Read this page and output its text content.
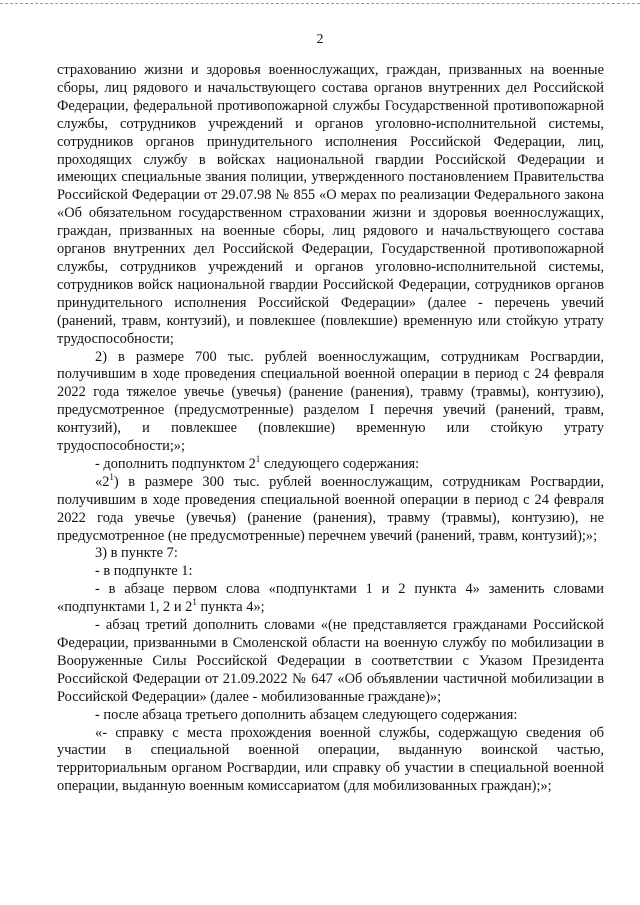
2

страхованию жизни и здоровья военнослужащих, граждан, призванных на военные сборы, лиц рядового и начальствующего состава органов внутренних дел Российской Федерации, федеральной противопожарной службы Государственной противопожарной службы, сотрудников учреждений и органов уголовно-исполнительной системы, сотрудников органов принудительного исполнения Российской Федерации, лиц, проходящих службу в войсках национальной гвардии Российской Федерации и имеющих специальные звания полиции, утвержденного постановлением Правительства Российской Федерации от 29.07.98 № 855 «О мерах по реализации Федерального закона «Об обязательном государственном страховании жизни и здоровья военнослужащих, граждан, призванных на военные сборы, лиц рядового и начальствующего состава органов внутренних дел Российской Федерации, Государственной противопожарной службы, сотрудников учреждений и органов уголовно-исполнительной системы, сотрудников войск национальной гвардии Российской Федерации, сотрудников органов принудительного исполнения Российской Федерации» (далее - перечень увечий (ранений, травм, контузий), и повлекшее (повлекшие) временную или стойкую утрату трудоспособности;

2) в размере 700 тыс. рублей военнослужащим, сотрудникам Росгвардии, получившим в ходе проведения специальной военной операции в период с 24 февраля 2022 года тяжелое увечье (увечья) (ранение (ранения), травму (травмы), контузию), предусмотренное (предусмотренные) разделом I перечня увечий (ранений, травм, контузий), и повлекшее (повлекшие) временную или стойкую утрату трудоспособности;»;

- дополнить подпунктом $2^1$ следующего содержания:

«$2^1$) в размере 300 тыс. рублей военнослужащим, сотрудникам Росгвардии, получившим в ходе проведения специальной военной операции в период с 24 февраля 2022 года увечье (увечья) (ранение (ранения), травму (травмы), контузию), не предусмотренное (не предусмотренные) перечнем увечий (ранений, травм, контузий);»;

3) в пункте 7:

- в подпункте 1:

- в абзаце первом слова «подпунктами 1 и 2 пункта 4» заменить словами «подпунктами 1, 2 и $2^1$ пункта 4»;

- абзац третий дополнить словами «(не представляется гражданами Российской Федерации, призванными в Смоленской области на военную службу по мобилизации в Вооруженные Силы Российской Федерации в соответствии с Указом Президента Российской Федерации от 21.09.2022 № 647 «Об объявлении частичной мобилизации в Российской Федерации» (далее - мобилизованные граждане)»;

- после абзаца третьего дополнить абзацем следующего содержания:

«- справку с места прохождения военной службы, содержащую сведения об участии в специальной военной операции, выданную воинской частью, территориальным органом Росгвардии, или справку об участии в специальной военной операции, выданную военным комиссариатом (для мобилизованных граждан);»;
